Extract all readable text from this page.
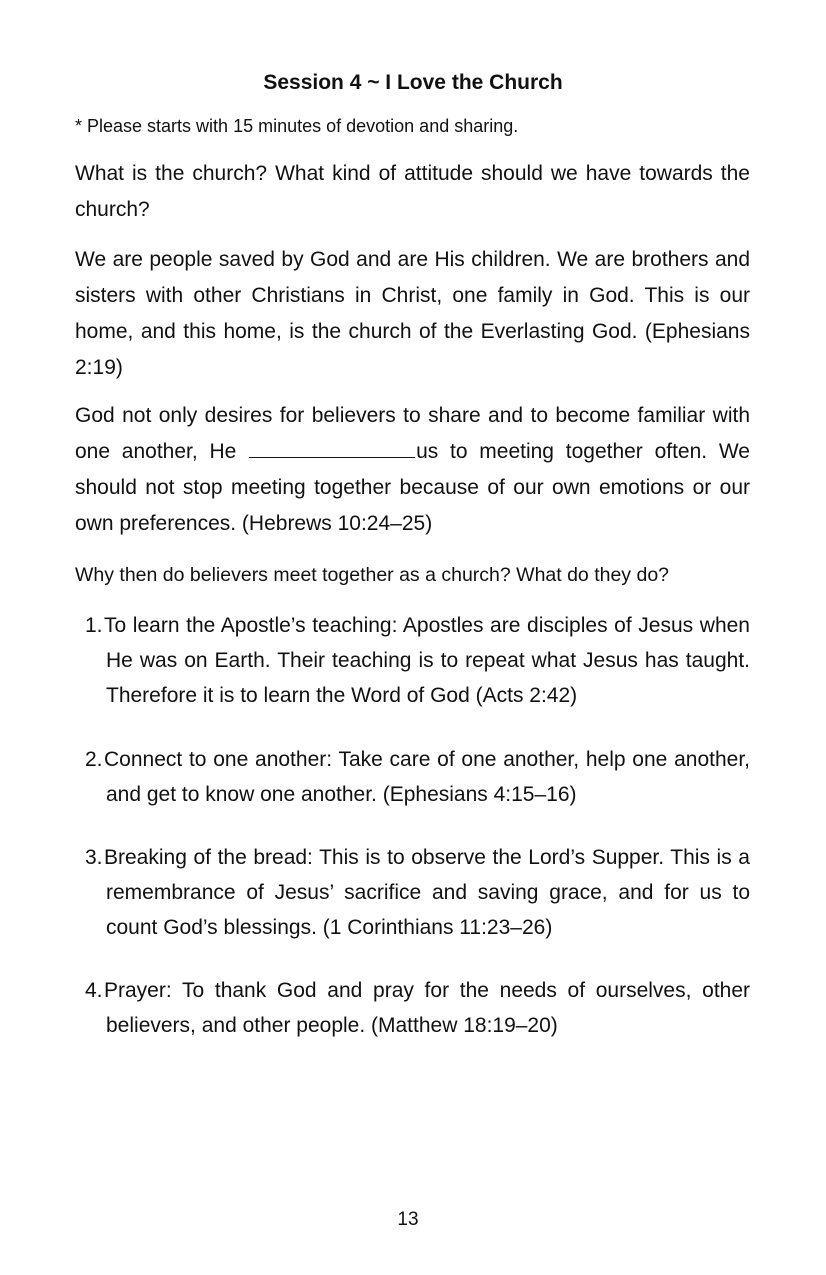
Session 4 ~ I Love the Church
* Please starts with 15 minutes of devotion and sharing.
What is the church? What kind of attitude should we have towards the church?
We are people saved by God and are His children. We are brothers and sisters with other Christians in Christ, one family in God. This is our home, and this home, is the church of the Everlasting God. (Ephesians 2:19)
God not only desires for believers to share and to become familiar with one another, He	us to meeting together often. We should not stop meeting together because of our own emotions or our own preferences. (Hebrews 10:24–25)
Why then do believers meet together as a church? What do they do?
1. To learn the Apostle’s teaching: Apostles are disciples of Jesus when He was on Earth. Their teaching is to repeat what Jesus has taught. Therefore it is to learn the Word of God (Acts 2:42)
2. Connect to one another: Take care of one another, help one another, and get to know one another. (Ephesians 4:15–16)
3. Breaking of the bread: This is to observe the Lord’s Supper. This is a remembrance of Jesus’ sacrifice and saving grace, and for us to count God’s blessings. (1 Corinthians 11:23–26)
4. Prayer: To thank God and pray for the needs of ourselves, other believers, and other people. (Matthew 18:19–20)
13
